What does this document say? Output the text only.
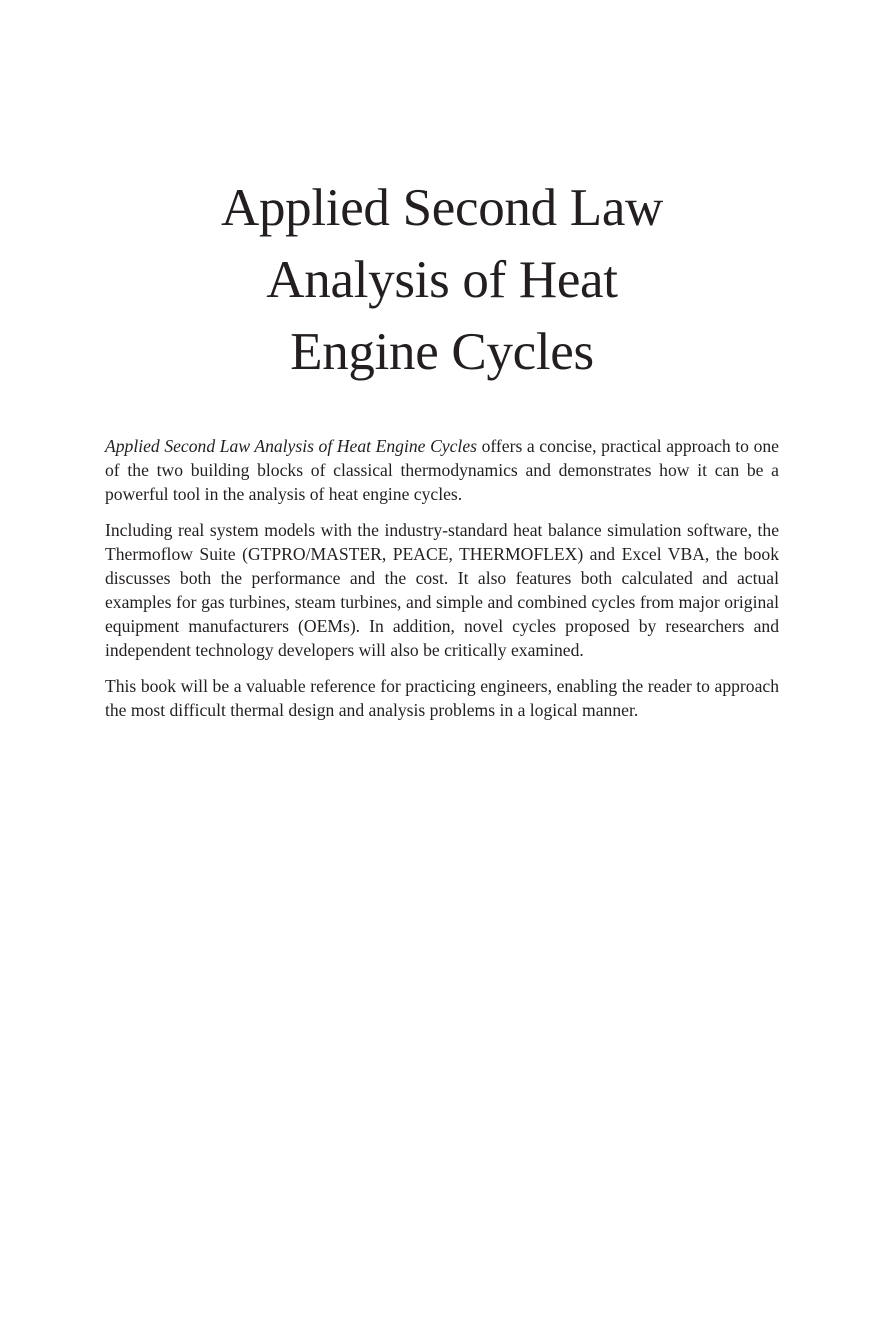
Applied Second Law
Analysis of Heat
Engine Cycles

Applied Second Law Analysis of Heat Engine Cycles offers a concise, practical approach to one of the two building blocks of classical thermodynamics and demonstrates how it can be a powerful tool in the analysis of heat engine cycles.

Including real system models with the industry-standard heat balance simulation software, the Thermoflow Suite (GTPRO/MASTER, PEACE, THERMOFLEX) and Excel VBA, the book discusses both the performance and the cost. It also features both calculated and actual examples for gas turbines, steam turbines, and simple and combined cycles from major original equipment manufacturers (OEMs). In addition, novel cycles proposed by researchers and independent technology developers will also be critically examined.

This book will be a valuable reference for practicing engineers, enabling the reader to approach the most difficult thermal design and analysis problems in a logical manner.
